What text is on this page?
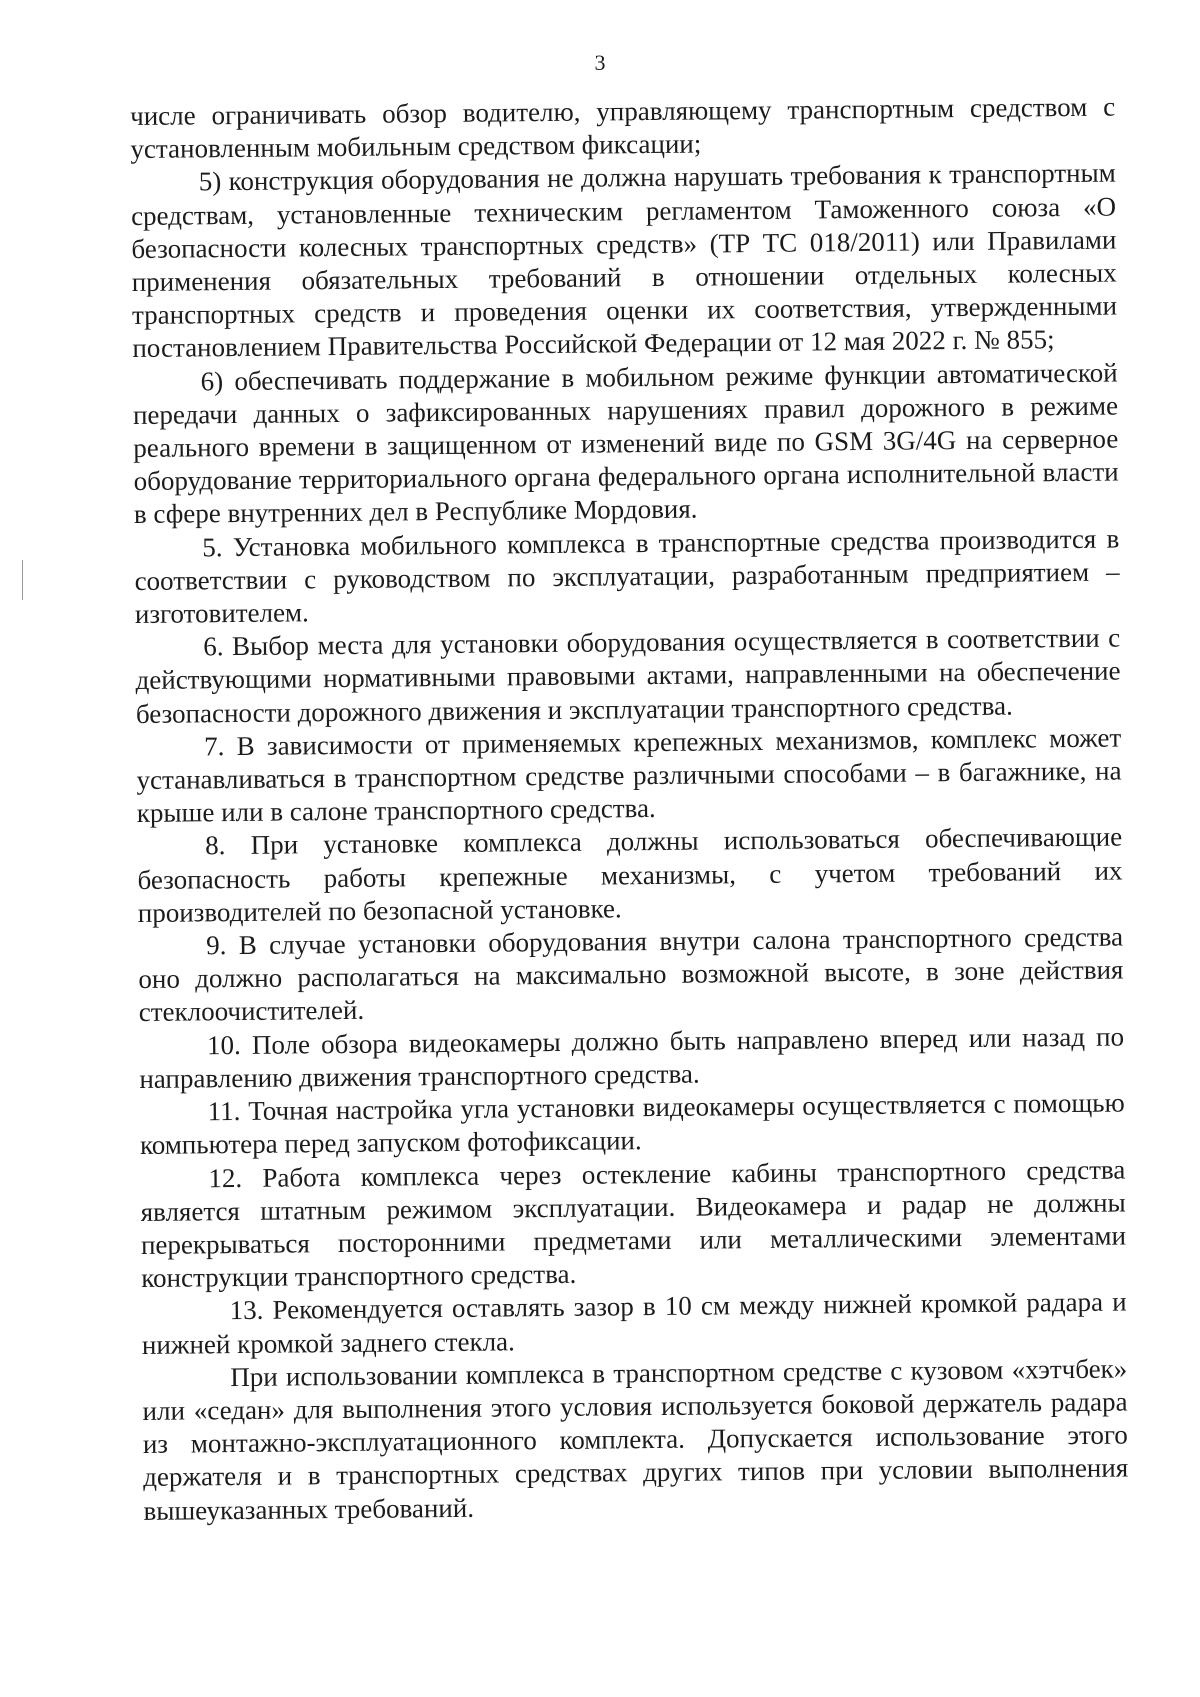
3

числе ограничивать обзор водителю, управляющему транспортным средством с установленным мобильным средством фиксации;

5) конструкция оборудования не должна нарушать требования к транспортным средствам, установленные техническим регламентом Таможенного союза «О безопасности колесных транспортных средств» (ТР ТС 018/2011) или Правилами применения обязательных требований в отношении отдельных колесных транспортных средств и проведения оценки их соответствия, утвержденными постановлением Правительства Российской Федерации от 12 мая 2022 г. № 855;

6) обеспечивать поддержание в мобильном режиме функции автоматической передачи данных о зафиксированных нарушениях правил дорожного в режиме реального времени в защищенном от изменений виде по GSM 3G/4G на серверное оборудование территориального органа федерального органа исполнительной власти в сфере внутренних дел в Республике Мордовия.

5. Установка мобильного комплекса в транспортные средства производится в соответствии с руководством по эксплуатации, разработанным предприятием – изготовителем.

6. Выбор места для установки оборудования осуществляется в соответствии с действующими нормативными правовыми актами, направленными на обеспечение безопасности дорожного движения и эксплуатации транспортного средства.

7. В зависимости от применяемых крепежных механизмов, комплекс может устанавливаться в транспортном средстве различными способами – в багажнике, на крыше или в салоне транспортного средства.

8. При установке комплекса должны использоваться обеспечивающие безопасность работы крепежные механизмы, с учетом требований их производителей по безопасной установке.

9. В случае установки оборудования внутри салона транспортного средства оно должно располагаться на максимально возможной высоте, в зоне действия стеклоочистителей.

10. Поле обзора видеокамеры должно быть направлено вперед или назад по направлению движения транспортного средства.

11. Точная настройка угла установки видеокамеры осуществляется с помощью компьютера перед запуском фотофиксации.

12. Работа комплекса через остекление кабины транспортного средства является штатным режимом эксплуатации. Видеокамера и радар не должны перекрываться посторонними предметами или металлическими элементами конструкции транспортного средства.

13. Рекомендуется оставлять зазор в 10 см между нижней кромкой радара и нижней кромкой заднего стекла.

При использовании комплекса в транспортном средстве с кузовом «хэтчбек» или «седан» для выполнения этого условия используется боковой держатель радара из монтажно-эксплуатационного комплекта. Допускается использование этого держателя и в транспортных средствах других типов при условии выполнения вышеуказанных требований.
